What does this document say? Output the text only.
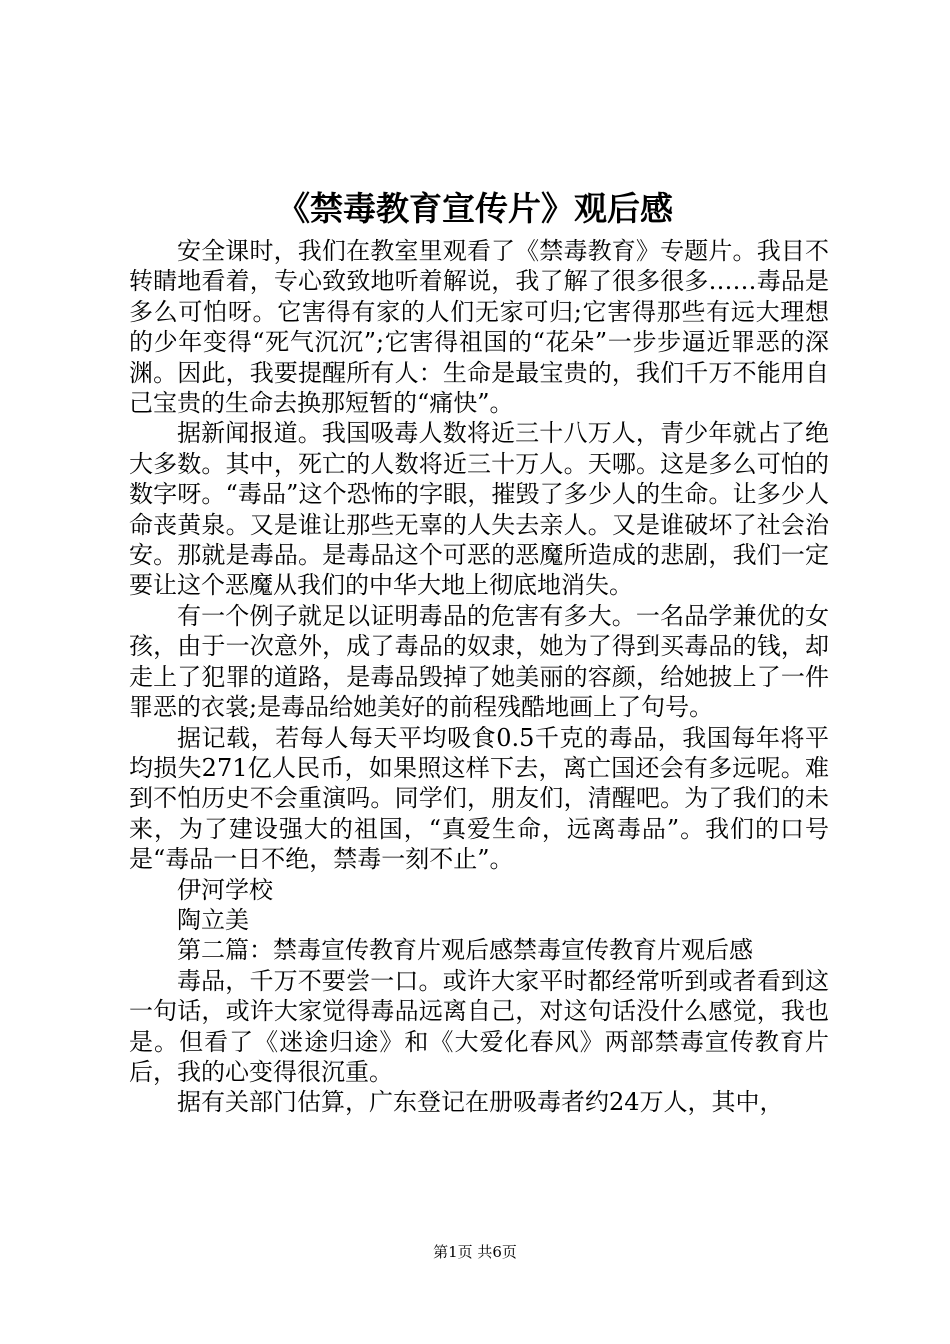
《禁毒教育宣传片》观后感

安全课时，我们在教室里观看了《禁毒教育》专题片。我目不转睛地看着，专心致致地听着解说，我了解了很多很多……毒品是多么可怕呀。它害得有家的人们无家可归;它害得那些有远大理想的少年变得“死气沉沉”;它害得祖国的“花朵”一步步逼近罪恶的深渊。因此，我要提醒所有人：生命是最宝贵的，我们千万不能用自己宝贵的生命去换那短暂的“痛快”。

据新闻报道。我国吸毒人数将近三十八万人，青少年就占了绝大多数。其中，死亡的人数将近三十万人。天哪。这是多么可怕的数字呀。“毒品”这个恐怖的字眼，摧毁了多少人的生命。让多少人命丧黄泉。又是谁让那些无辜的人失去亲人。又是谁破坏了社会治安。那就是毒品。是毒品这个可恶的恶魔所造成的悲剧，我们一定要让这个恶魔从我们的中华大地上彻底地消失。

有一个例子就足以证明毒品的危害有多大。一名品学兼优的女孩，由于一次意外，成了毒品的奴隶，她为了得到买毒品的钱，却走上了犯罪的道路，是毒品毁掉了她美丽的容颜，给她披上了一件罪恶的衣裳;是毒品给她美好的前程残酷地画上了句号。

据记载，若每人每天平均吸食0.5千克的毒品，我国每年将平均损失271亿人民币，如果照这样下去，离亡国还会有多远呢。难到不怕历史不会重演吗。同学们，朋友们，清醒吧。为了我们的未来，为了建设强大的祖国，“真爱生命，远离毒品”。我们的口号是“毒品一日不绝，禁毒一刻不止”。

伊河学校

陶立美

第二篇：禁毒宣传教育片观后感禁毒宣传教育片观后感

毒品，千万不要尝一口。或许大家平时都经常听到或者看到这一句话，或许大家觉得毒品远离自己，对这句话没什么感觉，我也是。但看了《迷途归途》和《大爱化春风》两部禁毒宣传教育片后，我的心变得很沉重。

据有关部门估算，广东登记在册吸毒者约24万人，其中，

第1页 共6页
